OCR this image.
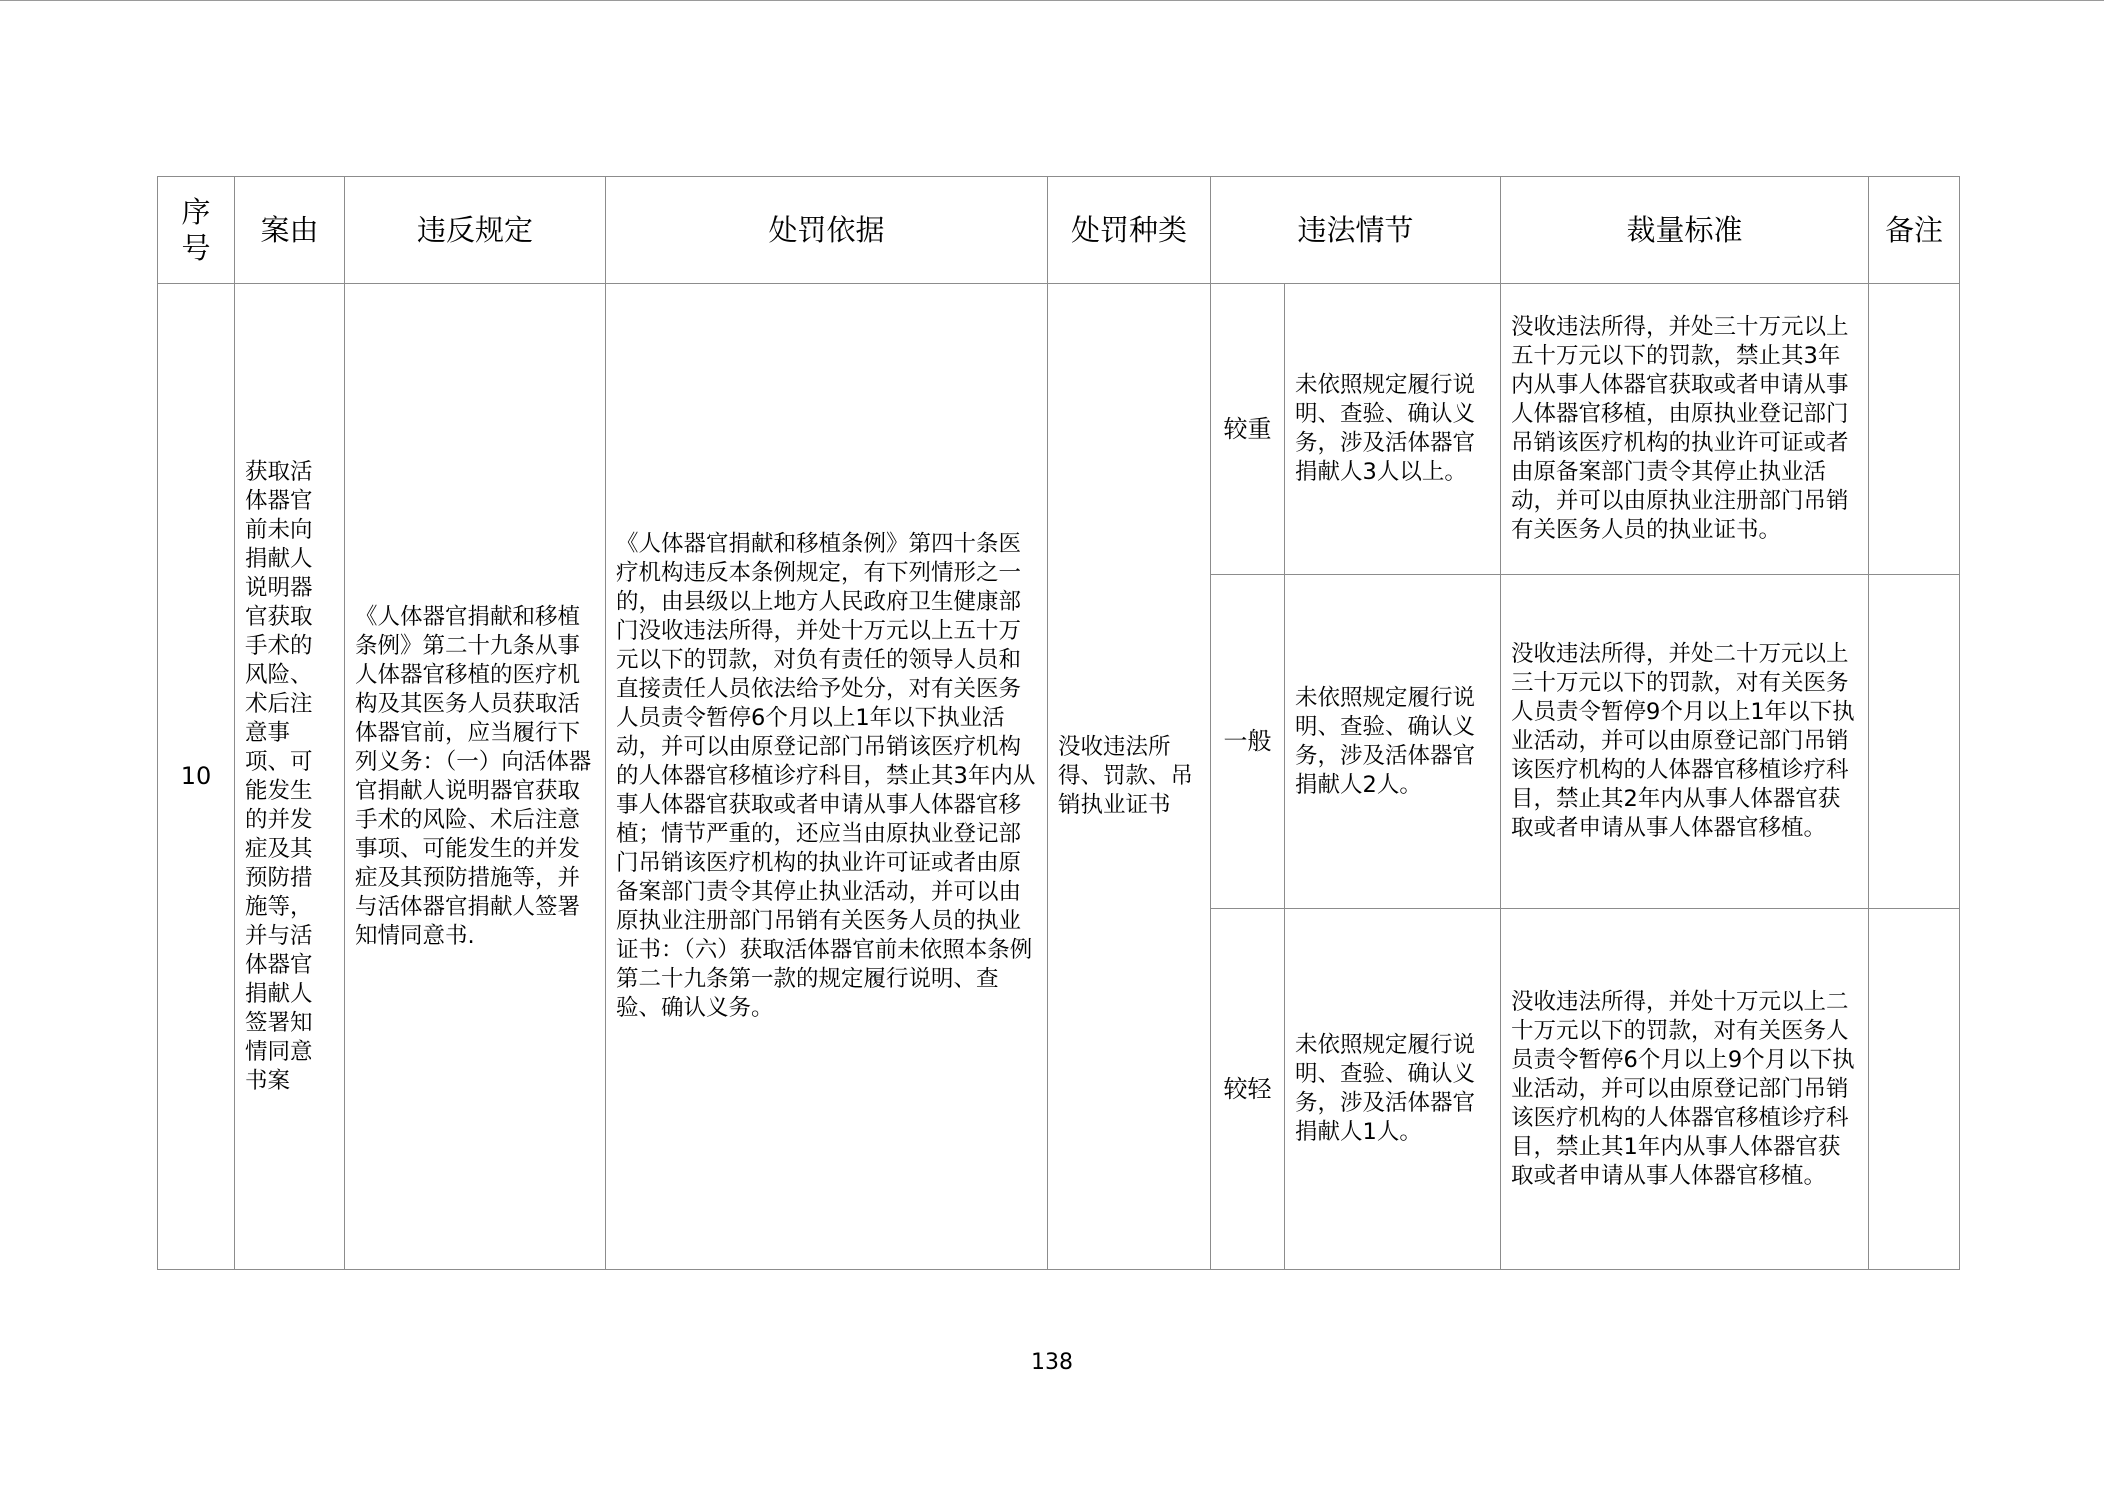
序
号	案由	违反规定	处罚依据	处罚种类	违法情节		裁量标准	备注
10	获取活体器官前未向捐献人说明器官获取手术的风险、术后注意事项、可能发生的并发症及其预防措施等，并与活体器官捐献人签署知情同意书案	《人体器官捐献和移植条例》第二十九条从事人体器官移植的医疗机构及其医务人员获取活体器官前，应当履行下列义务：（一）向活体器官捐献人说明器官获取手术的风险、术后注意事项、可能发生的并发症及其预防措施等，并与活体器官捐献人签署知情同意书.	《人体器官捐献和移植条例》第四十条医疗机构违反本条例规定，有下列情形之一的，由县级以上地方人民政府卫生健康部门没收违法所得，并处十万元以上五十万元以下的罚款，对负有责任的领导人员和直接责任人员依法给予处分，对有关医务人员责令暂停6个月以上1年以下执业活动，并可以由原登记部门吊销该医疗机构的人体器官移植诊疗科目，禁止其3年内从事人体器官获取或者申请从事人体器官移植；情节严重的，还应当由原执业登记部门吊销该医疗机构的执业许可证或者由原备案部门责令其停止执业活动，并可以由原执业注册部门吊销有关医务人员的执业证书：（六）获取活体器官前未依照本条例第二十九条第一款的规定履行说明、查验、确认义务。	没收违法所得、罚款、吊销执业证书	较重	未依照规定履行说明、查验、确认义务，涉及活体器官捐献人3人以上。	没收违法所得，并处三十万元以上五十万元以下的罚款，禁止其3年内从事人体器官获取或者申请从事人体器官移植，由原执业登记部门吊销该医疗机构的执业许可证或者由原备案部门责令其停止执业活动，并可以由原执业注册部门吊销有关医务人员的执业证书。	

					一般	未依照规定履行说明、查验、确认义务，涉及活体器官捐献人2人。	没收违法所得，并处二十万元以上三十万元以下的罚款，对有关医务人员责令暂停9个月以上1年以下执业活动，并可以由原登记部门吊销该医疗机构的人体器官移植诊疗科目，禁止其2年内从事人体器官获取或者申请从事人体器官移植。	

					较轻	未依照规定履行说明、查验、确认义务，涉及活体器官捐献人1人。	没收违法所得，并处十万元以上二十万元以下的罚款，对有关医务人员责令暂停6个月以上9个月以下执业活动，并可以由原登记部门吊销该医疗机构的人体器官移植诊疗科目，禁止其1年内从事人体器官获取或者申请从事人体器官移植。	

138
